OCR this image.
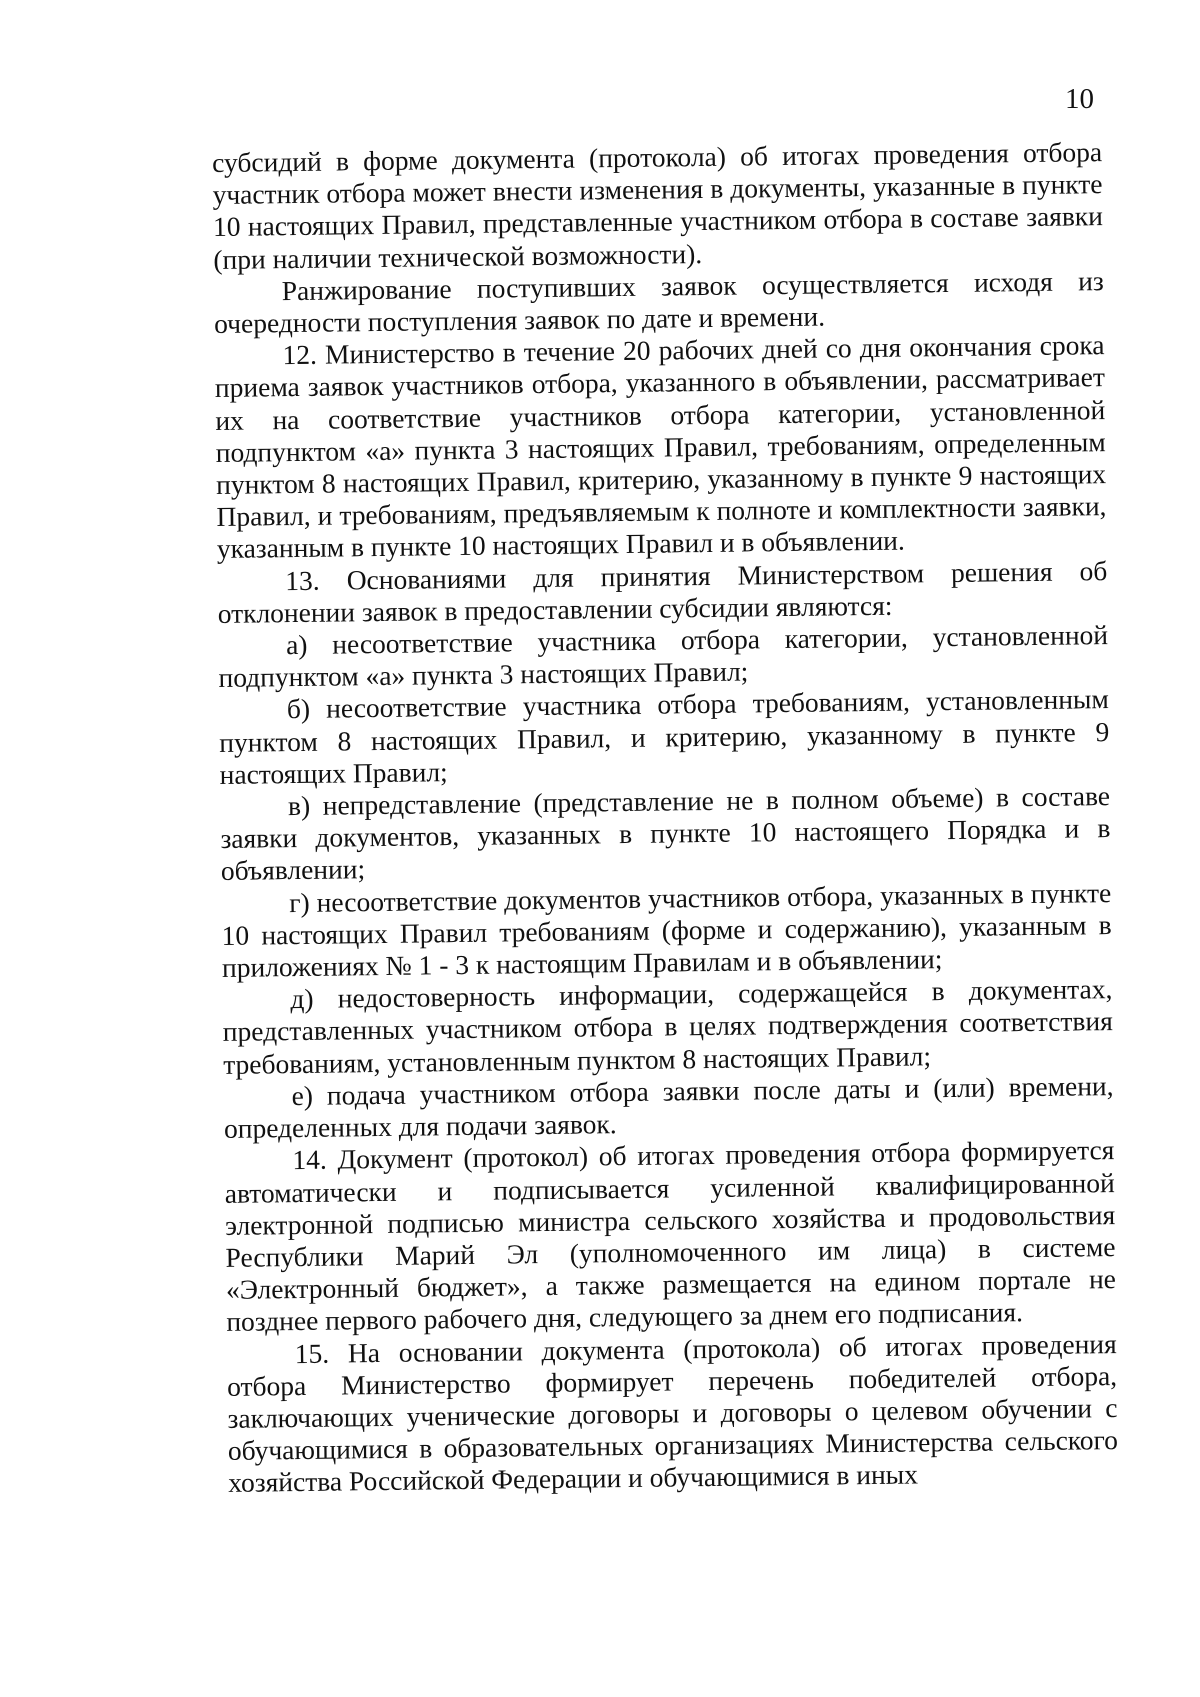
10

субсидий в форме документа (протокола) об итогах проведения отбора участник отбора может внести изменения в документы, указанные в пункте 10 настоящих Правил, представленные участником отбора в составе заявки (при наличии технической возможности).

Ранжирование поступивших заявок осуществляется исходя из очередности поступления заявок по дате и времени.

12. Министерство в течение 20 рабочих дней со дня окончания срока приема заявок участников отбора, указанного в объявлении, рассматривает их на соответствие участников отбора категории, установленной подпунктом «а» пункта 3 настоящих Правил, требованиям, определенным пунктом 8 настоящих Правил, критерию, указанному в пункте 9 настоящих Правил, и требованиям, предъявляемым к полноте и комплектности заявки, указанным в пункте 10 настоящих Правил и в объявлении.

13. Основаниями для принятия Министерством решения об отклонении заявок в предоставлении субсидии являются:

а) несоответствие участника отбора категории, установленной подпунктом «а» пункта 3 настоящих Правил;

б) несоответствие участника отбора требованиям, установленным пунктом 8 настоящих Правил, и критерию, указанному в пункте 9 настоящих Правил;

в) непредставление (представление не в полном объеме) в составе заявки документов, указанных в пункте 10 настоящего Порядка и в объявлении;

г) несоответствие документов участников отбора, указанных в пункте 10 настоящих Правил требованиям (форме и содержанию), указанным в приложениях № 1 - 3 к настоящим Правилам и в объявлении;

д) недостоверность информации, содержащейся в документах, представленных участником отбора в целях подтверждения соответствия требованиям, установленным пунктом 8 настоящих Правил;

е) подача участником отбора заявки после даты и (или) времени, определенных для подачи заявок.

14. Документ (протокол) об итогах проведения отбора формируется автоматически и подписывается усиленной квалифицированной электронной подписью министра сельского хозяйства и продовольствия Республики Марий Эл (уполномоченного им лица) в системе «Электронный бюджет», а также размещается на едином портале не позднее первого рабочего дня, следующего за днем его подписания.

15. На основании документа (протокола) об итогах проведения отбора Министерство формирует перечень победителей отбора, заключающих ученические договоры и договоры о целевом обучении с обучающимися в образовательных организациях Министерства сельского хозяйства Российской Федерации и обучающимися в иных
